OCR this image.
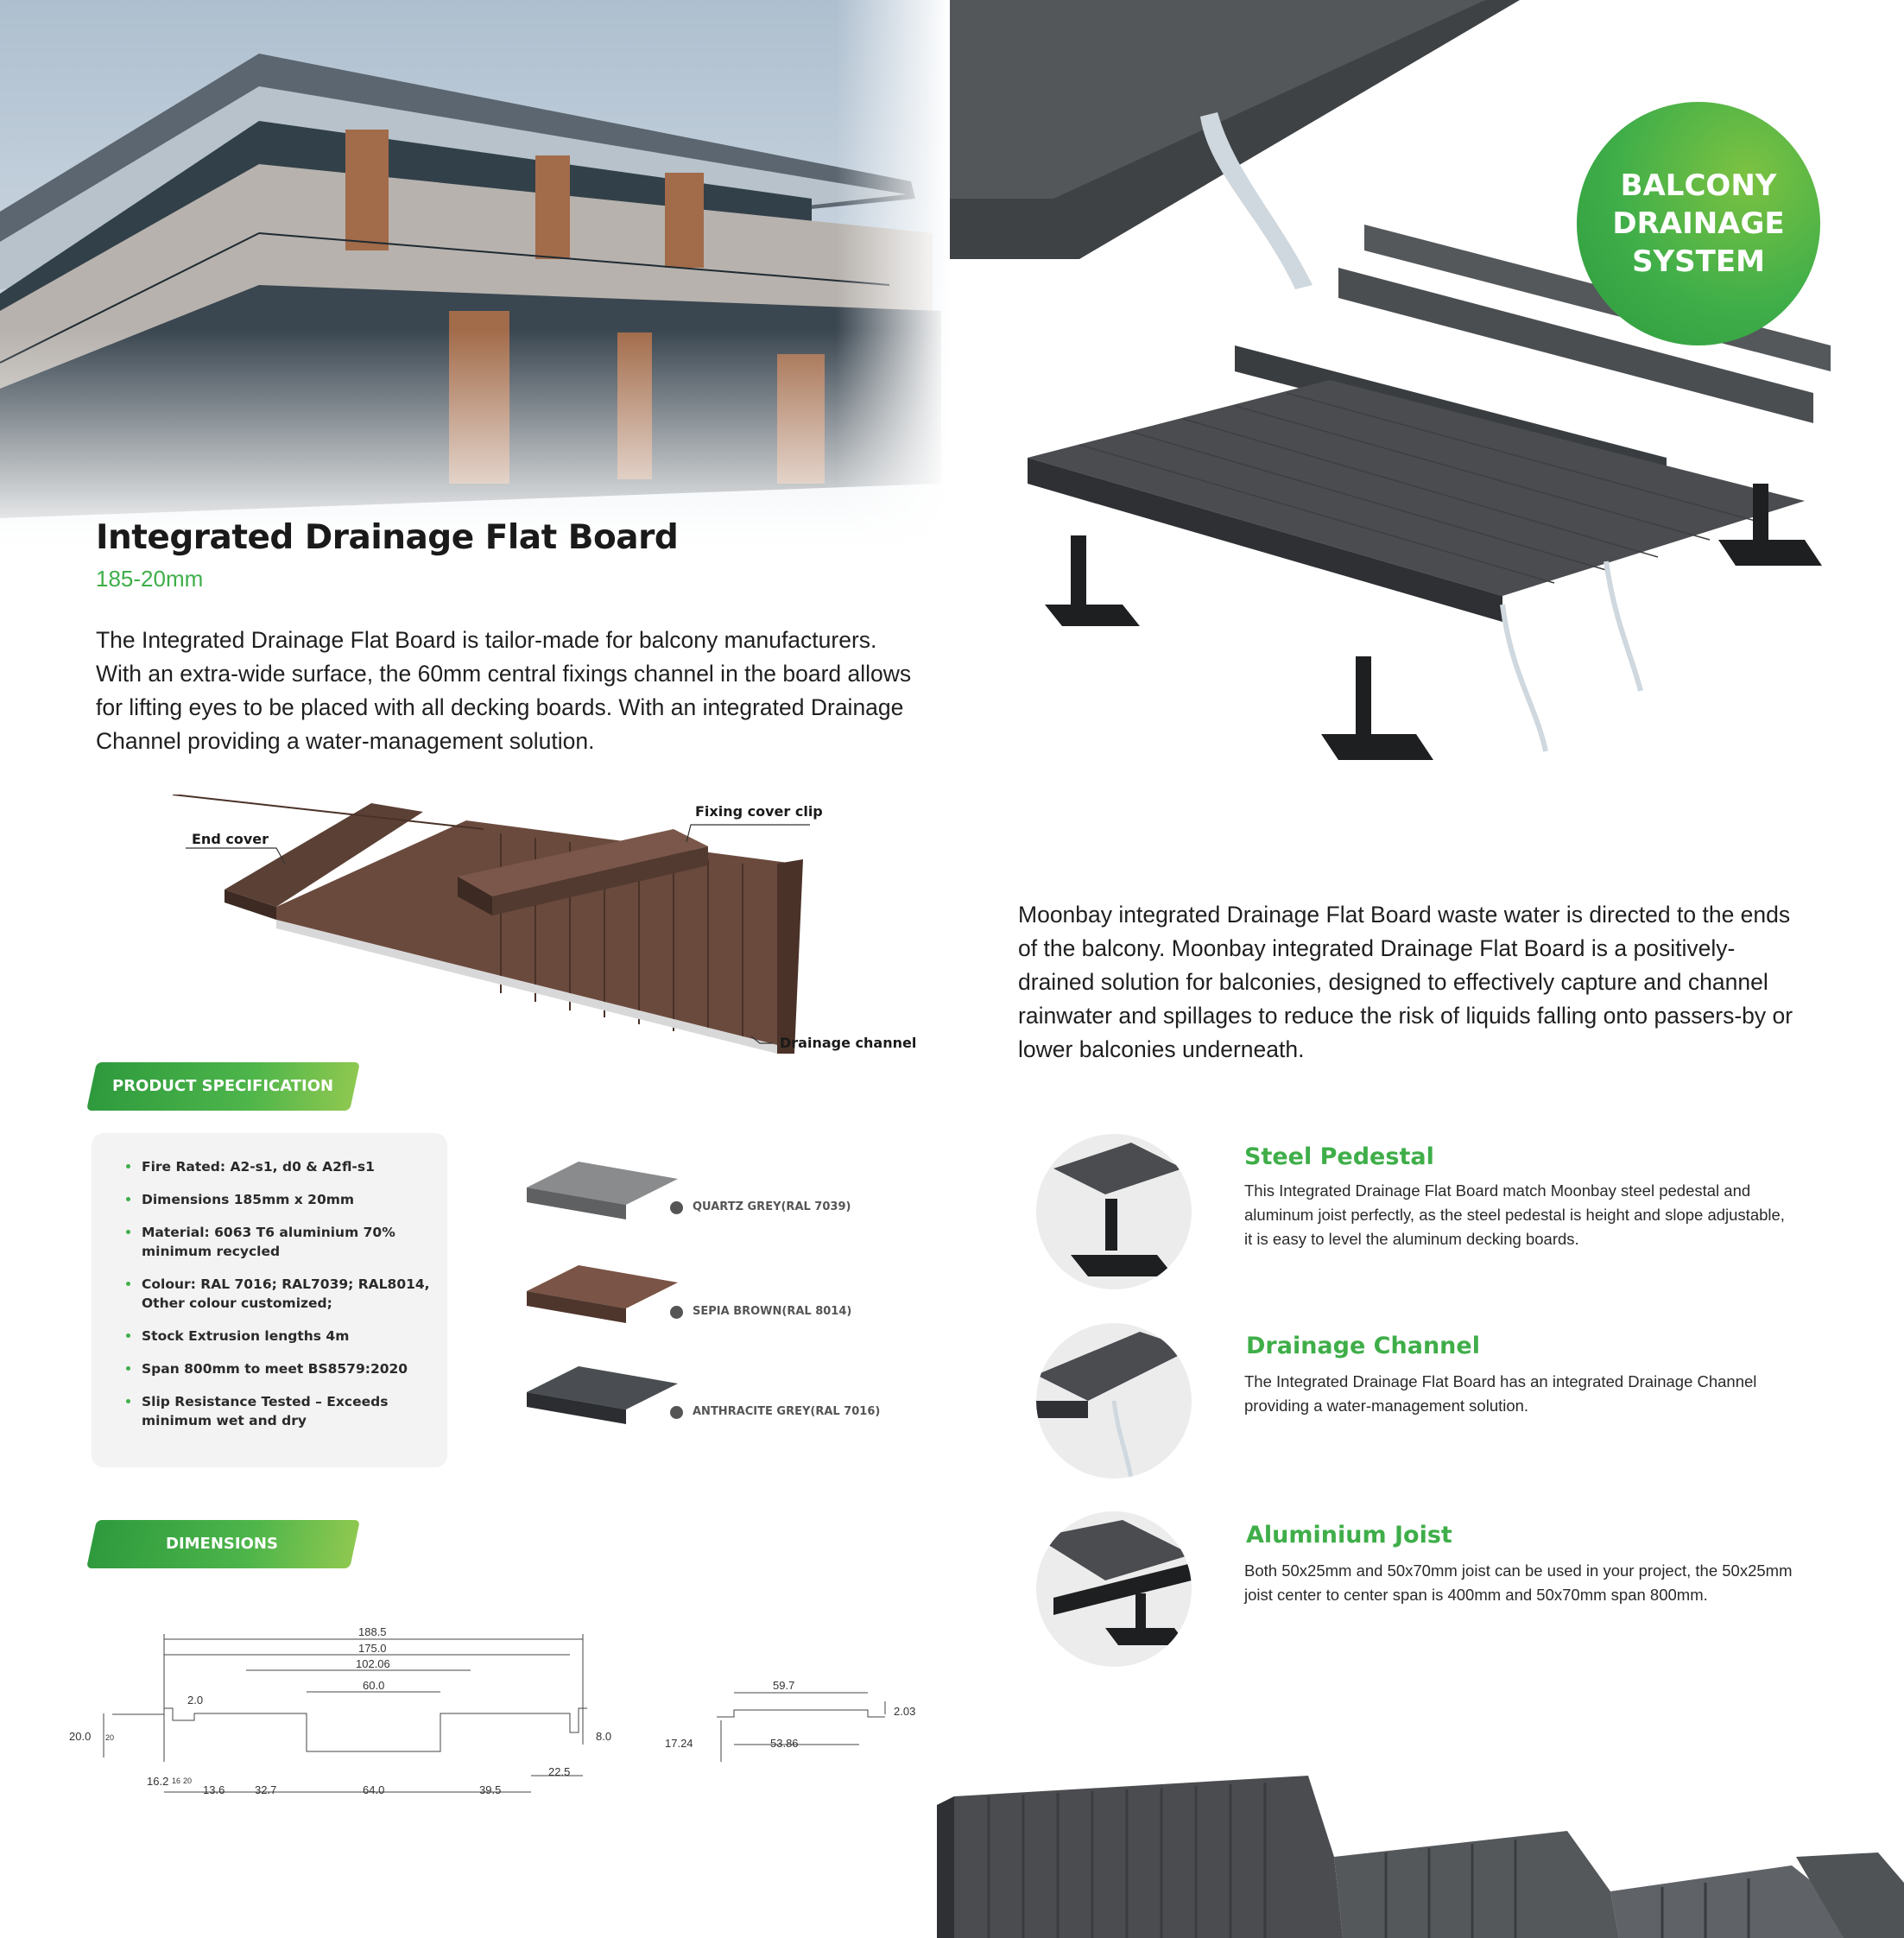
BALCONY DRAINAGE SYSTEM
Integrated Drainage Flat Board
185-20mm
The Integrated Drainage Flat Board is tailor-made for balcony manufacturers. With an extra-wide surface, the 60mm central fixings channel in the board allows for lifting eyes to be placed with all decking boards. With an integrated Drainage Channel providing a water-management solution.
End cover
Fixing cover clip
Drainage channel
PRODUCT SPECIFICATION
Fire Rated: A2-s1, d0 & A2fl-s1
Dimensions 185mm x 20mm
Material: 6063 T6 aluminium 70% minimum recycled
Colour: RAL 7016; RAL7039; RAL8014, Other colour customized;
Stock Extrusion lengths 4m
Span 800mm to meet BS8579:2020
Slip Resistance Tested – Exceeds minimum wet and dry
QUARTZ GREY(RAL 7039)
SEPIA BROWN(RAL 8014)
ANTHRACITE GREY(RAL 7016)
DIMENSIONS
188.5
175.0
102.06
60.0
2.0
20.0	8.0
16.2
13.6	32.7	64.0	39.5
22.5
20
16 20
59.7
2.03
17.24	53.86
Moonbay integrated Drainage Flat Board waste water is directed to the ends of the balcony. Moonbay integrated Drainage Flat Board is a positively-drained solution for balconies, designed to effectively capture and channel rainwater and spillages to reduce the risk of liquids falling onto passers-by or lower balconies underneath.
Steel Pedestal
This Integrated Drainage Flat Board match Moonbay steel pedestal and aluminum joist perfectly, as the steel pedestal is height and slope adjustable, it is easy to level the aluminum decking boards.
Drainage Channel
The Integrated Drainage Flat Board has an integrated Drainage Channel providing a water-management solution.
Aluminium Joist
Both 50x25mm and 50x70mm joist can be used in your project, the 50x25mm joist center to center span is 400mm and 50x70mm span 800mm.
